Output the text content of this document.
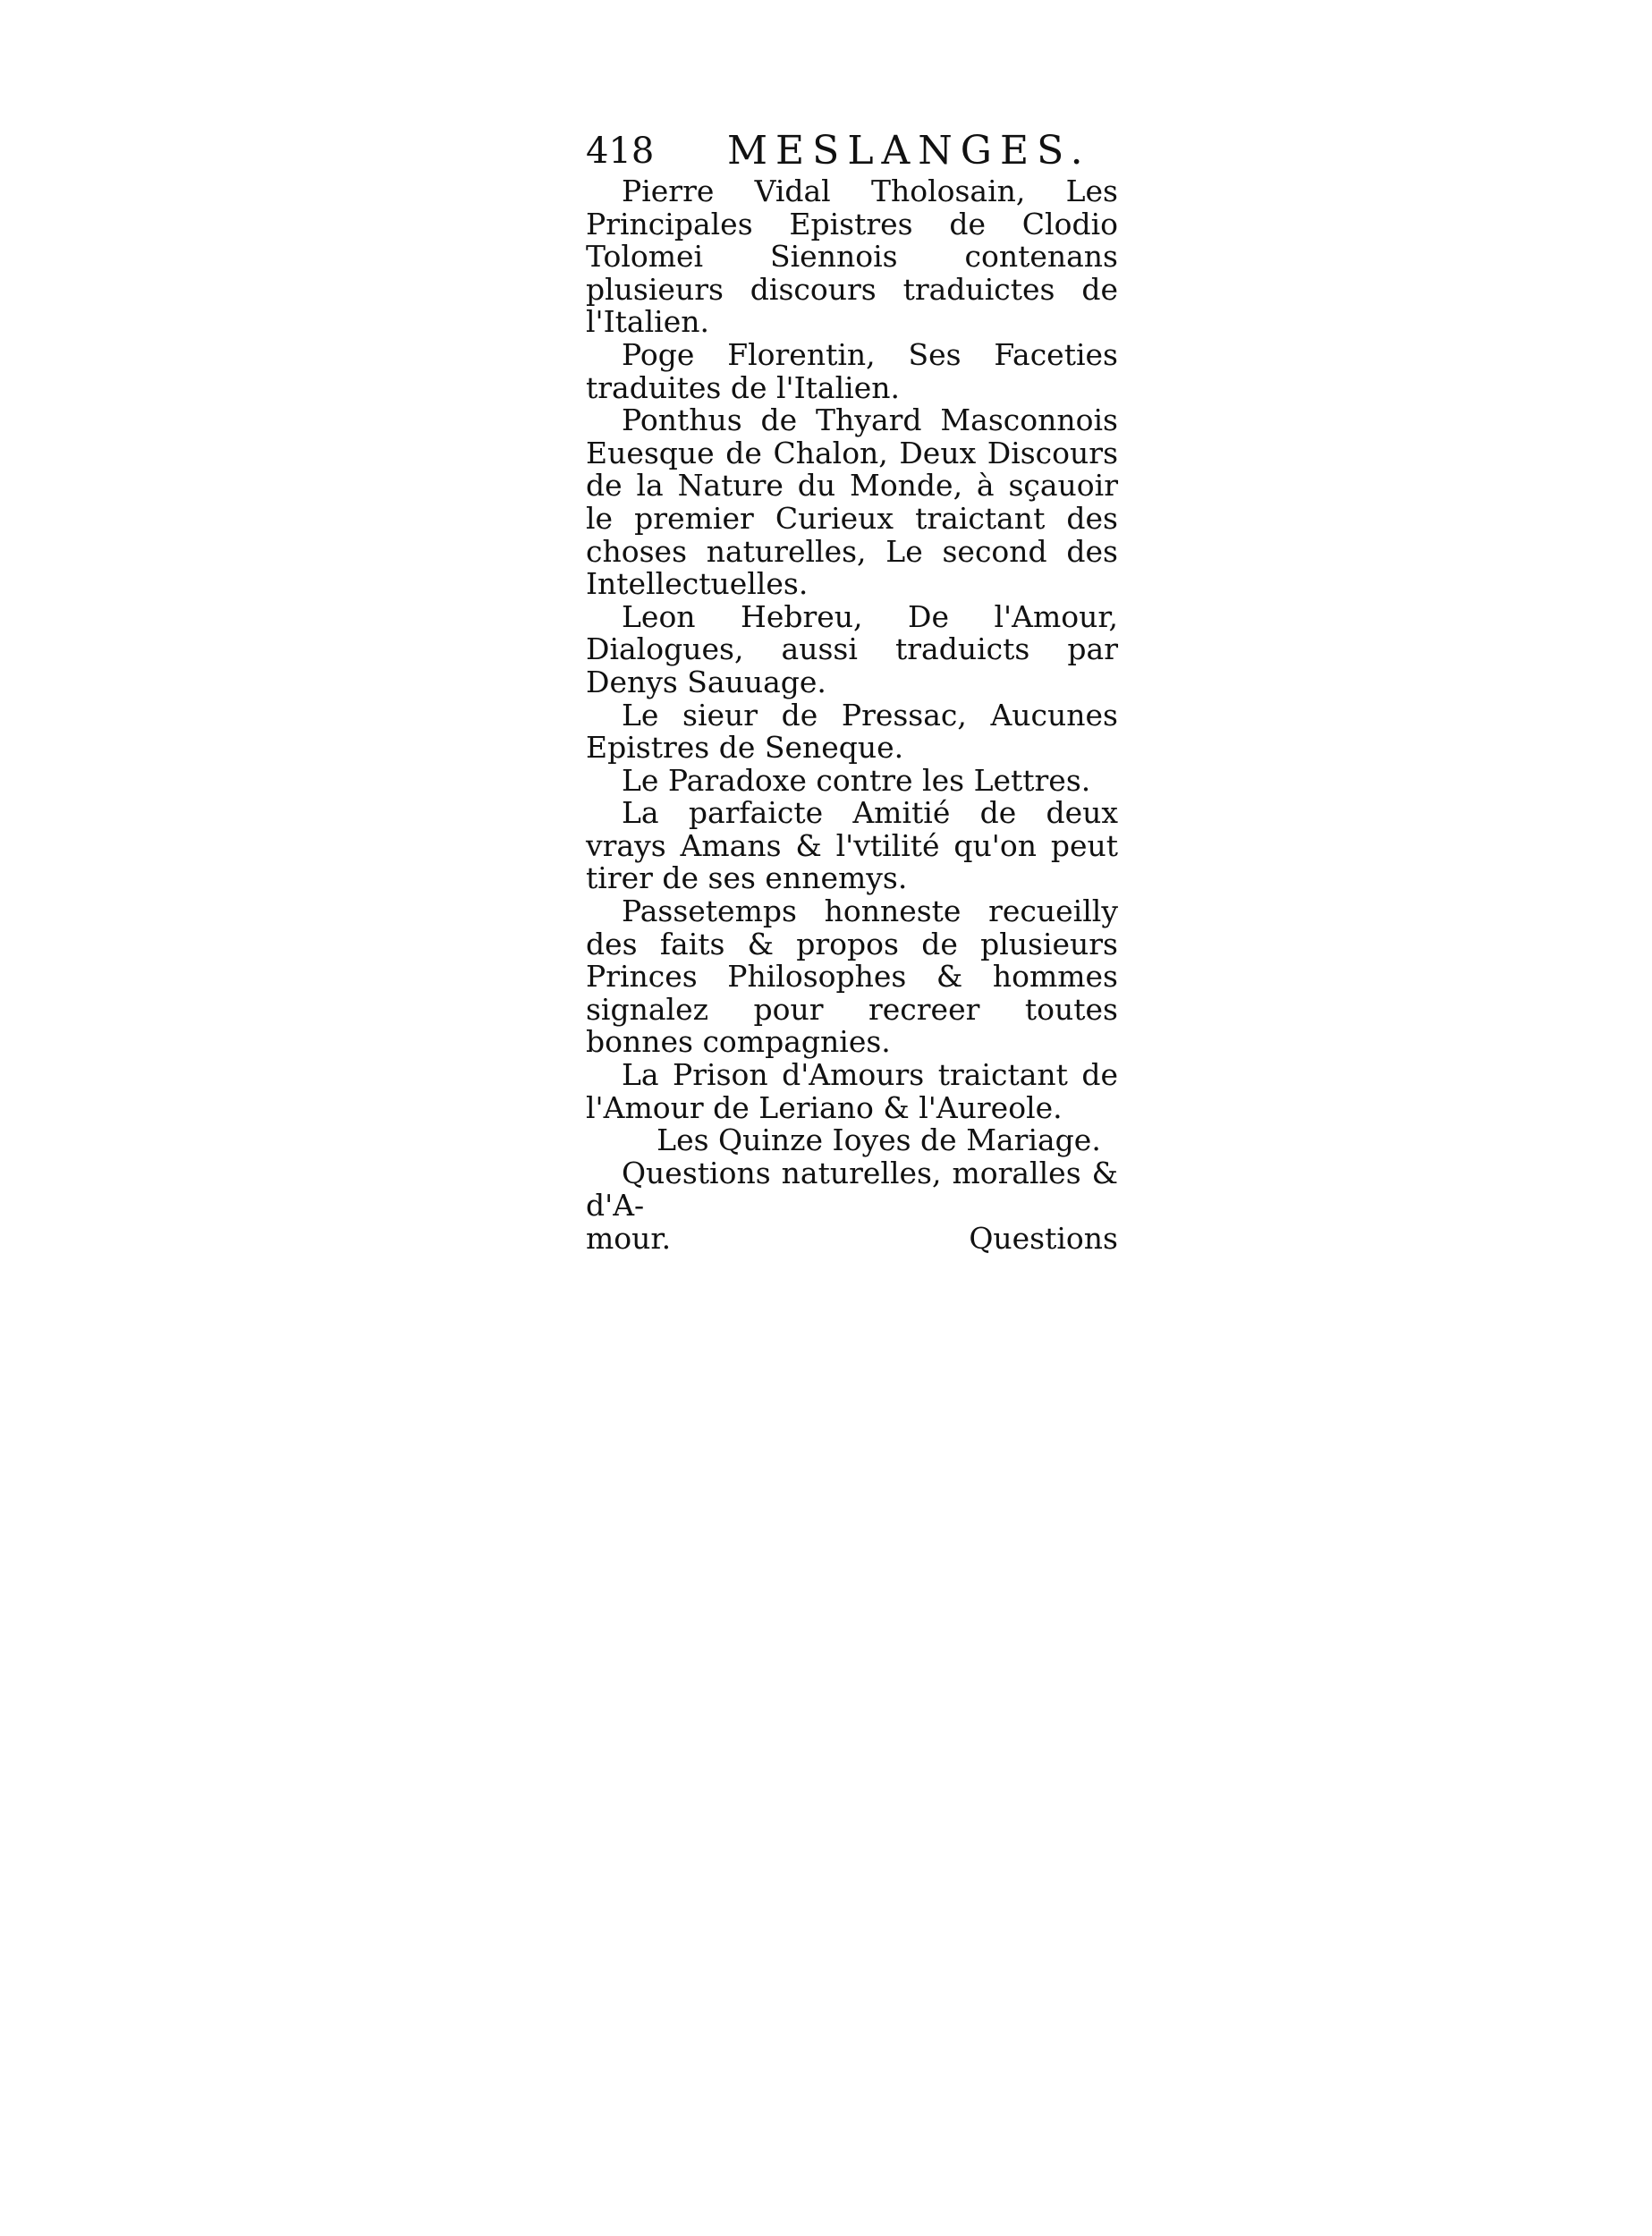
418 MESLANGES.

Pierre Vidal Tholosain, Les Principales Epistres de Clodio Tolomei Siennois contenans plusieurs discours traduictes de l'Italien.

Poge Florentin, Ses Faceties traduites de l'Italien.

Ponthus de Thyard Masconnois Euesque de Chalon, Deux Discours de la Nature du Monde, à sçauoir le premier Curieux traictant des choses naturelles, Le second des Intellectuelles.

Leon Hebreu, De l'Amour, Dialogues, aussi traduicts par Denys Sauuage.

Le sieur de Pressac, Aucunes Epistres de Seneque.

Le Paradoxe contre les Lettres.

La parfaicte Amitié de deux vrays Amans & l'vtilité qu'on peut tirer de ses ennemys.

Passetemps honneste recueilly des faits & propos de plusieurs Princes Philosophes & hommes signalez pour recreer toutes bonnes compagnies.

La Prison d'Amours traictant de l'Amour de Leriano & l'Aureole.

Les Quinze Ioyes de Mariage.

Questions naturelles, moralles & d'A-

mour.	Questions
